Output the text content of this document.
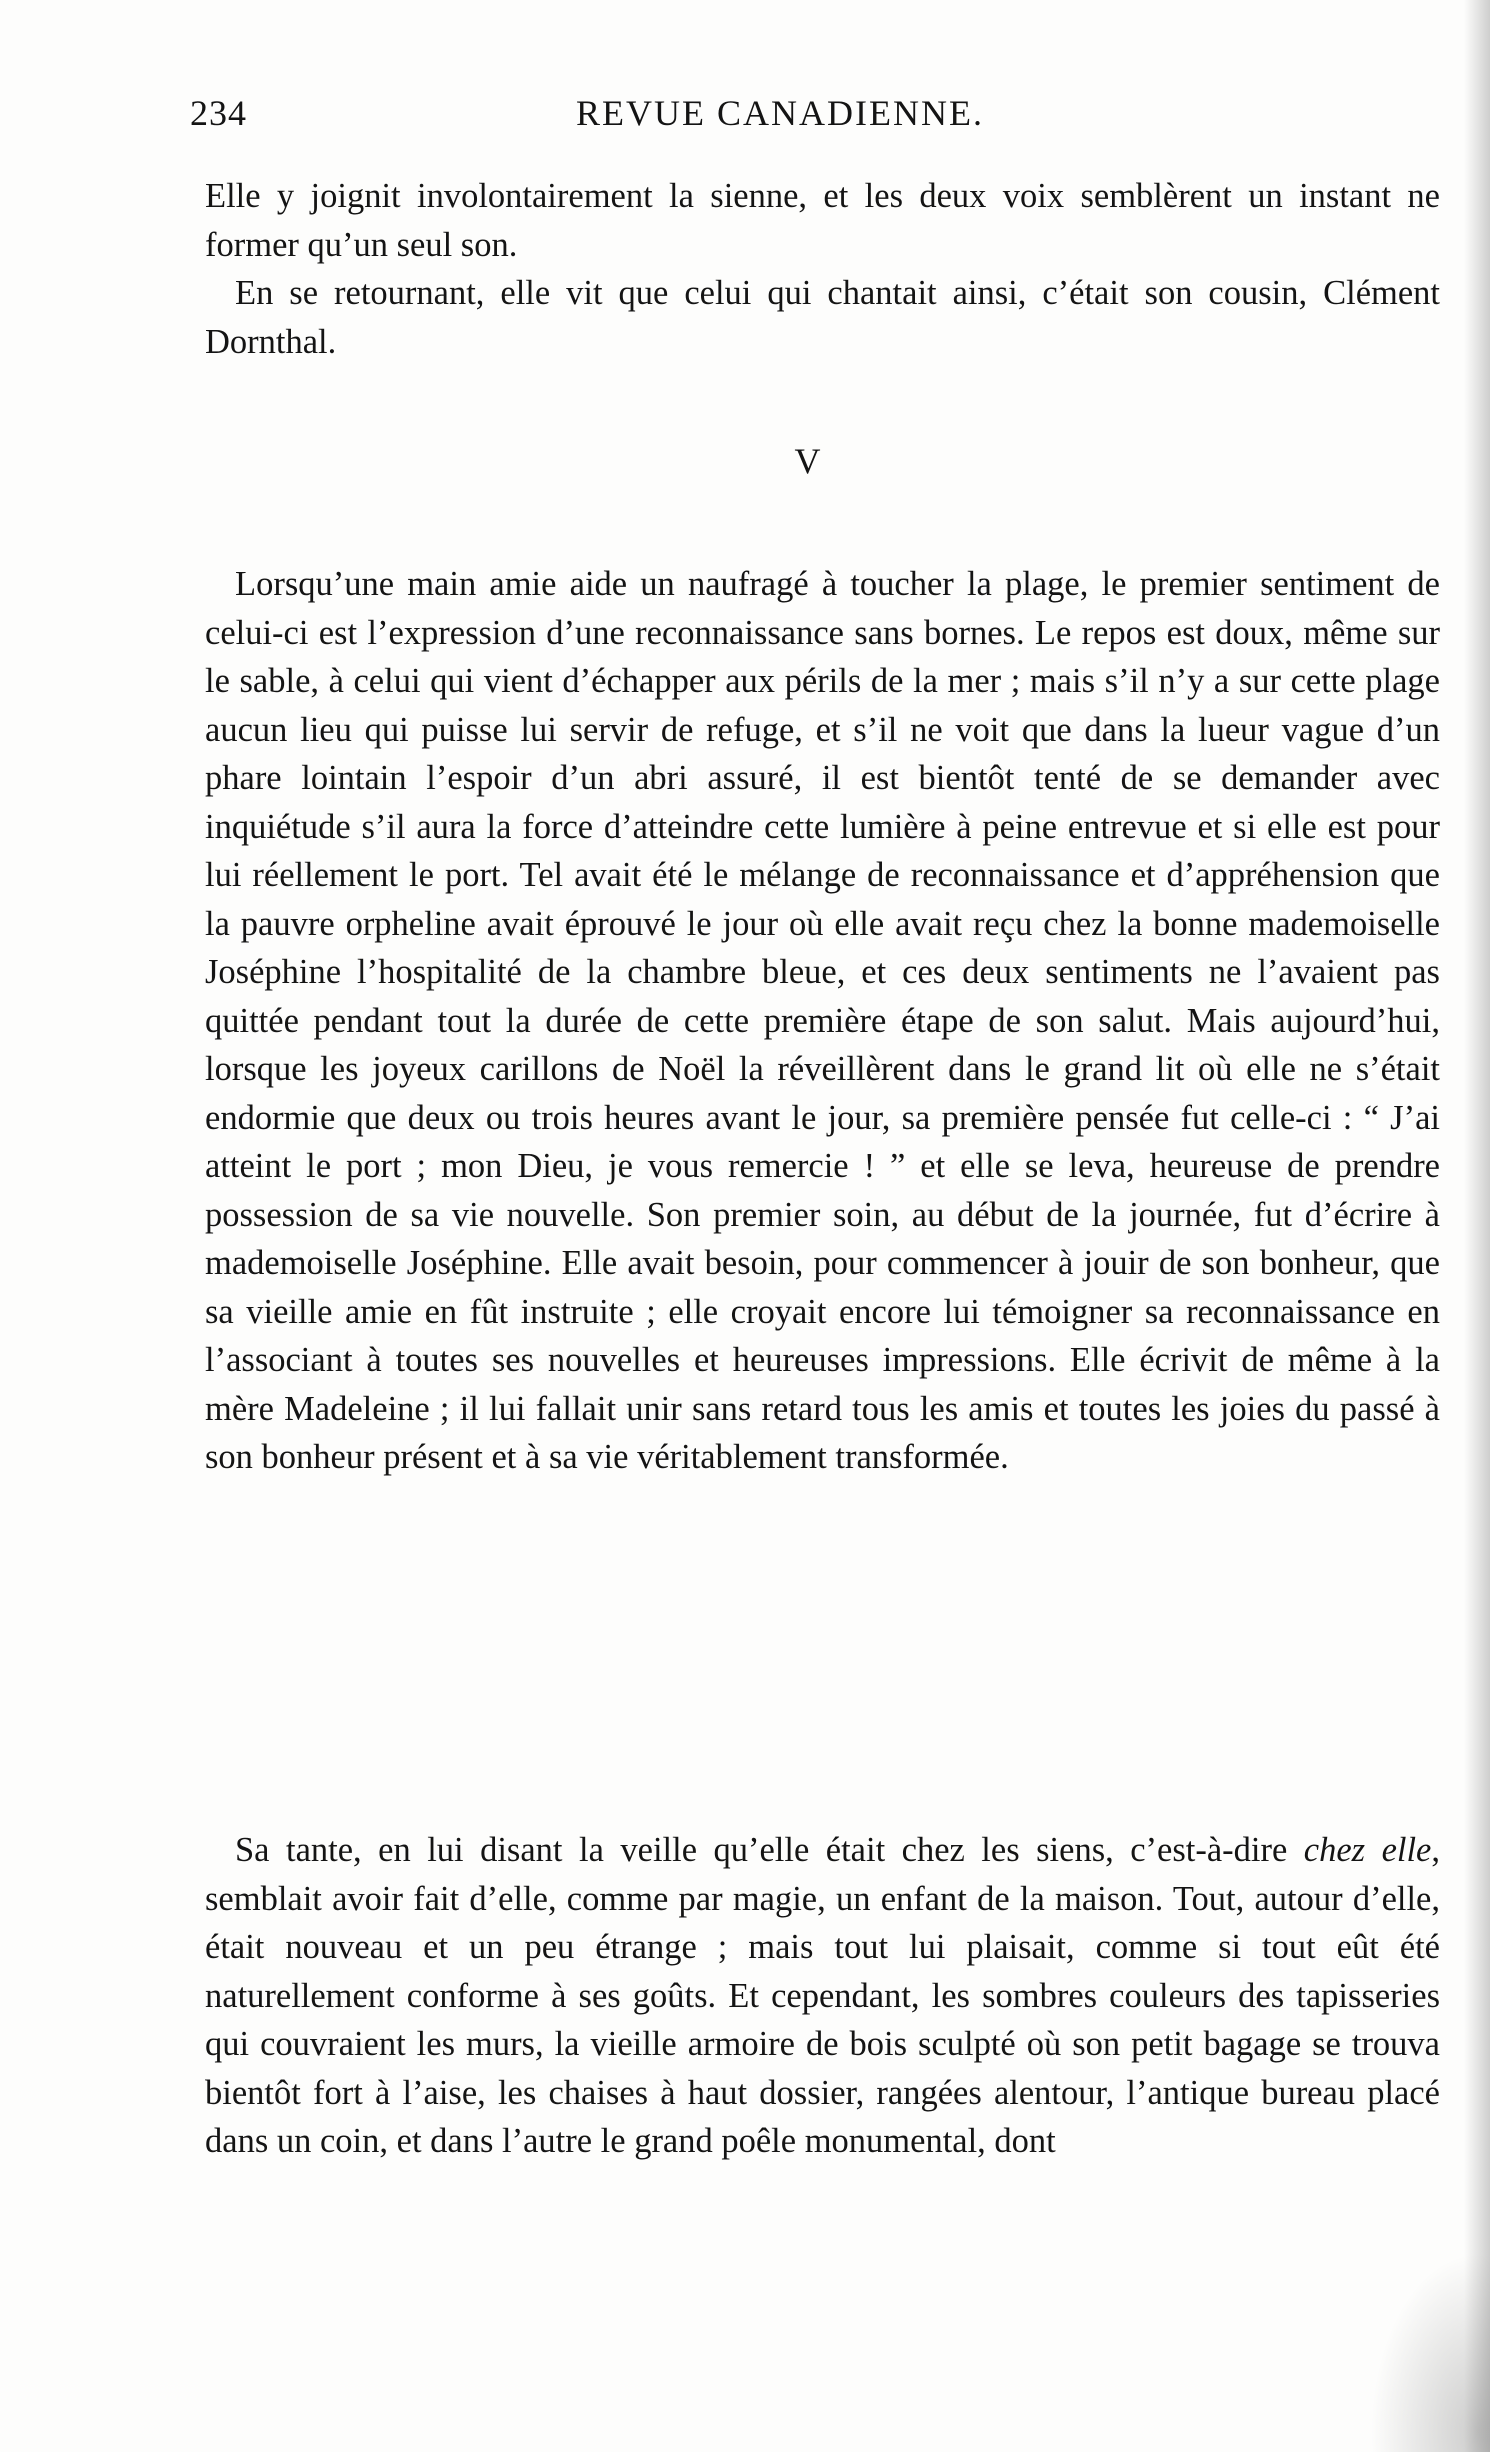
234	REVUE CANADIENNE.

Elle y joignit involontairement la sienne, et les deux voix semblèrent un instant ne former qu’un seul son.

En se retournant, elle vit que celui qui chantait ainsi, c’était son cousin, Clément Dornthal.

V

Lorsqu’une main amie aide un naufragé à toucher la plage, le premier sentiment de celui-ci est l’expression d’une reconnaissance sans bornes. Le repos est doux, même sur le sable, à celui qui vient d’échapper aux périls de la mer ; mais s’il n’y a sur cette plage aucun lieu qui puisse lui servir de refuge, et s’il ne voit que dans la lueur vague d’un phare lointain l’espoir d’un abri assuré, il est bientôt tenté de se demander avec inquiétude s’il aura la force d’atteindre cette lumière à peine entrevue et si elle est pour lui réellement le port. Tel avait été le mélange de reconnaissance et d’appréhension que la pauvre orpheline avait éprouvé le jour où elle avait reçu chez la bonne mademoiselle Joséphine l’hospitalité de la chambre bleue, et ces deux sentiments ne l’avaient pas quittée pendant tout la durée de cette première étape de son salut. Mais aujourd’hui, lorsque les joyeux carillons de Noël la réveillèrent dans le grand lit où elle ne s’était endormie que deux ou trois heures avant le jour, sa première pensée fut celle-ci : “ J’ai atteint le port ; mon Dieu, je vous remercie ! ” et elle se leva, heureuse de prendre possession de sa vie nouvelle. Son premier soin, au début de la journée, fut d’écrire à mademoiselle Joséphine. Elle avait besoin, pour commencer à jouir de son bonheur, que sa vieille amie en fût instruite ; elle croyait encore lui témoigner sa reconnaissance en l’associant à toutes ses nouvelles et heureuses impressions. Elle écrivit de même à la mère Madeleine ; il lui fallait unir sans retard tous les amis et toutes les joies du passé à son bonheur présent et à sa vie véritablement transformée.

Sa tante, en lui disant la veille qu’elle était chez les siens, c’est-à-dire chez elle, semblait avoir fait d’elle, comme par magie, un enfant de la maison. Tout, autour d’elle, était nouveau et un peu étrange ; mais tout lui plaisait, comme si tout eût été naturellement conforme à ses goûts. Et cependant, les sombres couleurs des tapisseries qui couvraient les murs, la vieille armoire de bois sculpté où son petit bagage se trouva bientôt fort à l’aise, les chaises à haut dossier, rangées alentour, l’antique bureau placé dans un coin, et dans l’autre le grand poêle monumental, dont
